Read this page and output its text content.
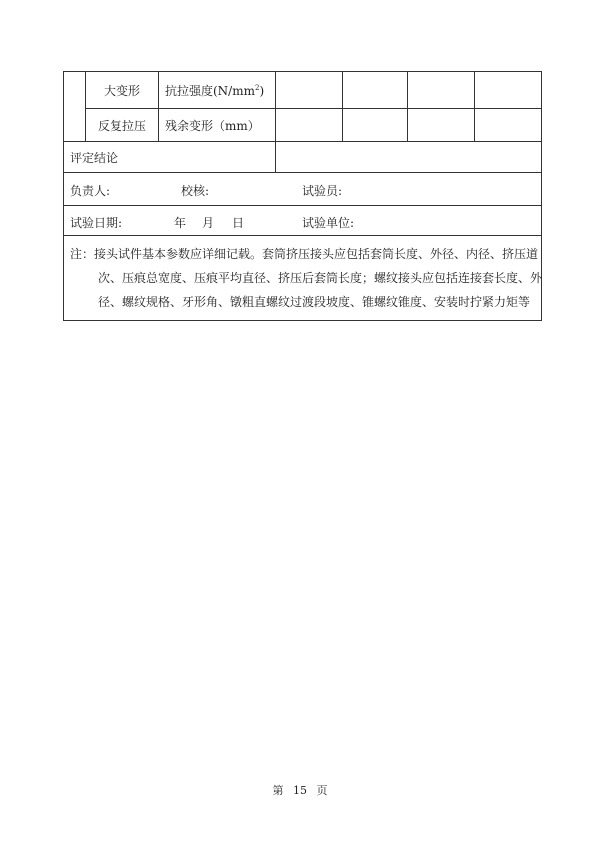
	大变形	抗拉强度$(N/mm^2)$				
	反复拉压	残余变形（mm）				
评定结论						

负责人: 校核: 试验员:						

试验日期: 年 月 日 试验单位:						

注：接头试件基本参数应详细记载。套筒挤压接头应包括套筒长度、外径、内径、挤压道
次、压痕总宽度、压痕平均直径、挤压后套筒长度；螺纹接头应包括连接套长度、外
径、螺纹规格、牙形角、镦粗直螺纹过渡段坡度、锥螺纹锥度、安装时拧紧力矩等						
第 15 页
